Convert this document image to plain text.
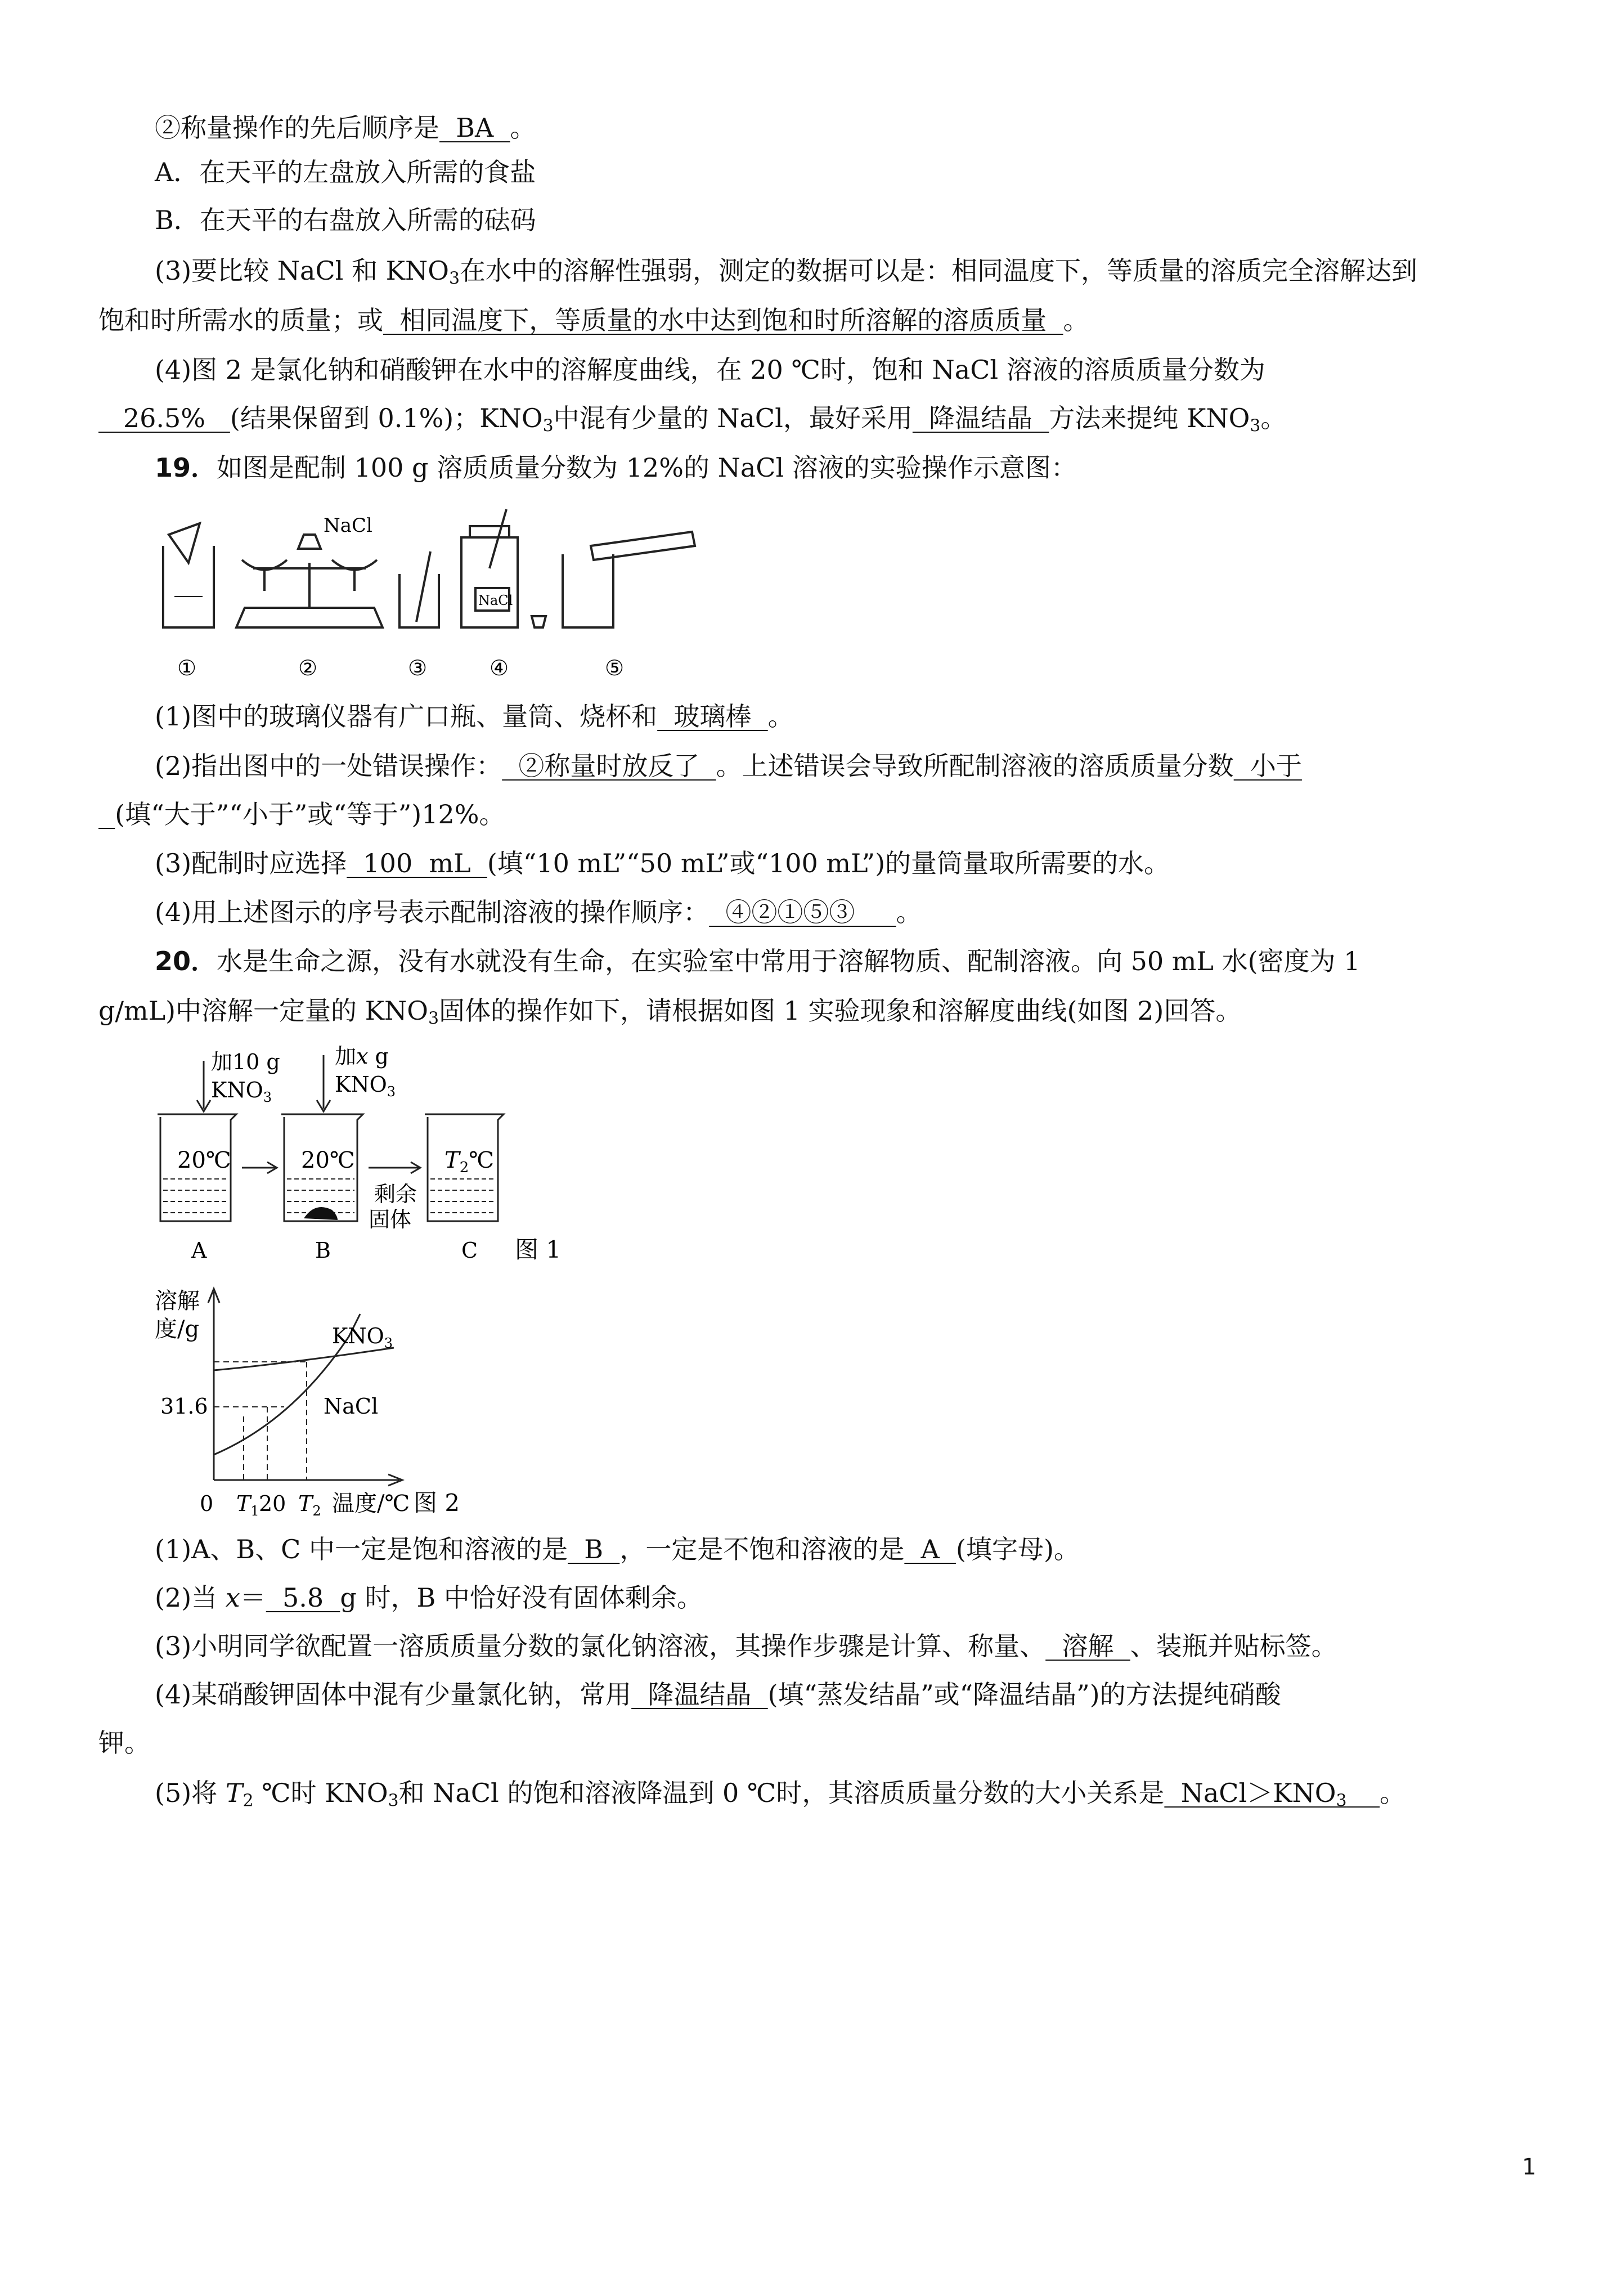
②称量操作的先后顺序是  BA  。
A．在天平的左盘放入所需的食盐
B．在天平的右盘放入所需的砝码
(3)要比较 NaCl 和 $KNO_3$在水中的溶解性强弱，测定的数据可以是：相同温度下，等质量的溶质完全溶解达到
饱和时所需水的质量；或  相同温度下，等质量的水中达到饱和时所溶解的溶质质量  。
(4)图 2 是氯化钠和硝酸钾在水中的溶解度曲线，在 20 ℃时，饱和 NaCl 溶液的溶质质量分数为
26.5%   (结果保留到 0.1%)；$KNO_3$中混有少量的 NaCl，最好采用  降温结晶  方法来提纯 $KNO_3$。
19．如图是配制 100 g 溶质质量分数为 12%的 NaCl 溶液的实验操作示意图：
NaCl
NaCl
①	②	③	④	⑤
(1)图中的玻璃仪器有广口瓶、量筒、烧杯和  玻璃棒  。
(2)指出图中的一处错误操作：  ②称量时放反了  。上述错误会导致所配制溶液的溶质质量分数  小于
(填“大于”“小于”或“等于”)12%。
(3)配制时应选择  100  mL  (填“10 mL”“50 mL”或“100 mL”)的量筒量取所需要的水。
(4)用上述图示的序号表示配制溶液的操作顺序：  ④②①⑤③     。
20．水是生命之源，没有水就没有生命，在实验室中常用于溶解物质、配制溶液。向 50 mL 水(密度为 1
g/mL)中溶解一定量的 $KNO_3$固体的操作如下，请根据如图 1 实验现象和溶解度曲线(如图 2)回答。
加10 g
$KNO_3$
加x g
$KNO_3$
20℃	20℃	$T_2℃$
剩余
固体
A	B	C 图 1
溶解
度/g
31.6
0 $T_1$ 20 $T_2$ 温度/℃ 图 2
$KNO_3$
NaCl
(1)A、B、C 中一定是饱和溶液的是  B  ，一定是不饱和溶液的是  A  (填字母)。
(2)当 x＝  5.8  g 时，B 中恰好没有固体剩余。
(3)小明同学欲配置一溶质质量分数的氯化钠溶液，其操作步骤是计算、称量、  溶解  、装瓶并贴标签。
(4)某硝酸钾固体中混有少量氯化钠，常用  降温结晶  (填“蒸发结晶”或“降温结晶”)的方法提纯硝酸
钾。
(5)将 $T_2$ ℃时 $KNO_3$和 NaCl 的饱和溶液降温到 0 ℃时，其溶质质量分数的大小关系是  $NaCl>KNO_3$ 。
1
